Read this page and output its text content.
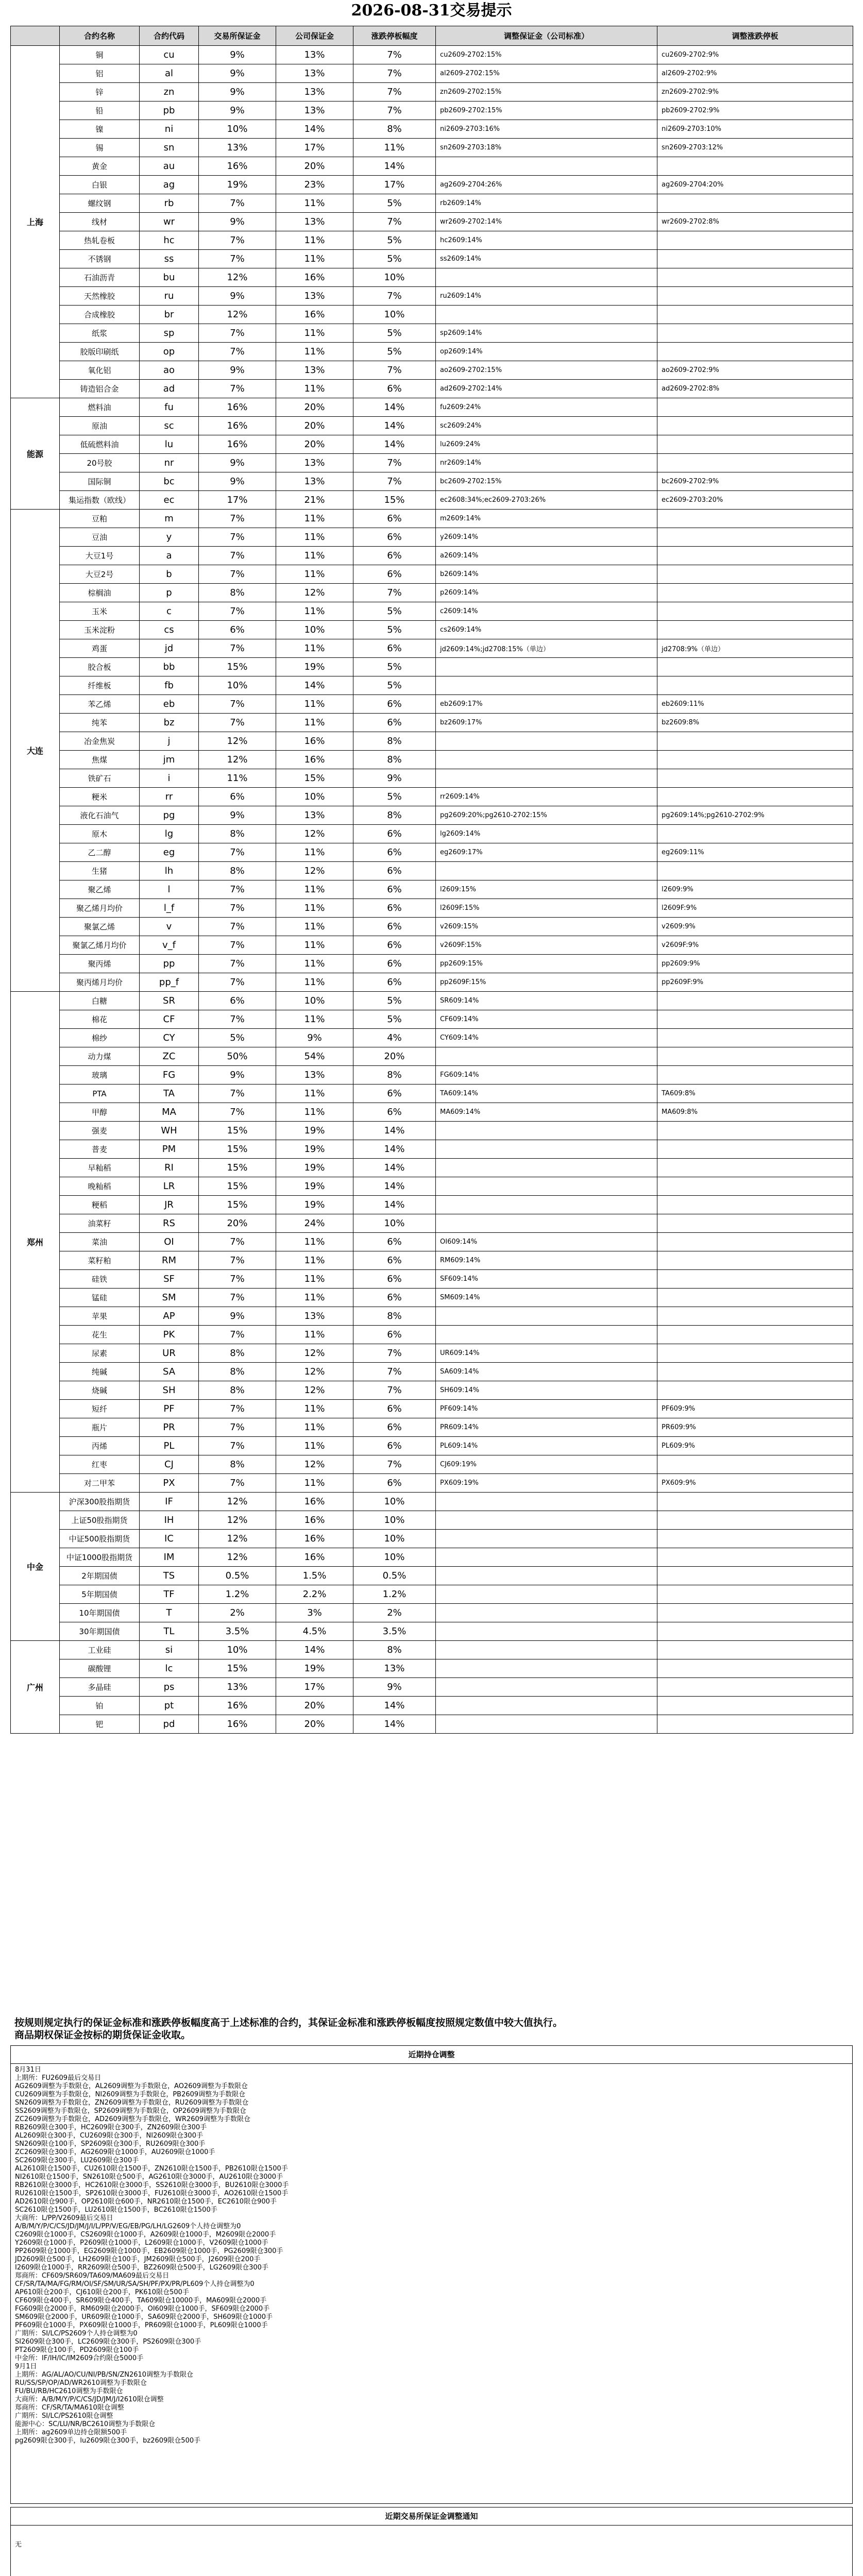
2026-08-31交易提示
	合约名称	合约代码	交易所保证金	公司保证金	涨跌停板幅度	调整保证金（公司标准）	调整涨跌停板
上海	铜	cu	9%	13%	7%	cu2609-2702:15%	cu2609-2702:9%
	铝	al	9%	13%	7%	al2609-2702:15%	al2609-2702:9%
	锌	zn	9%	13%	7%	zn2609-2702:15%	zn2609-2702:9%
	铅	pb	9%	13%	7%	pb2609-2702:15%	pb2609-2702:9%
	镍	ni	10%	14%	8%	ni2609-2703:16%	ni2609-2703:10%
	锡	sn	13%	17%	11%	sn2609-2703:18%	sn2609-2703:12%
	黄金	au	16%	20%	14%		
	白银	ag	19%	23%	17%	ag2609-2704:26%	ag2609-2704:20%
	螺纹钢	rb	7%	11%	5%	rb2609:14%	
	线材	wr	9%	13%	7%	wr2609-2702:14%	wr2609-2702:8%
	热轧卷板	hc	7%	11%	5%	hc2609:14%	
	不锈钢	ss	7%	11%	5%	ss2609:14%	
	石油沥青	bu	12%	16%	10%		
	天然橡胶	ru	9%	13%	7%	ru2609:14%	
	合成橡胶	br	12%	16%	10%		
	纸浆	sp	7%	11%	5%	sp2609:14%	
	胶版印刷纸	op	7%	11%	5%	op2609:14%	
	氧化铝	ao	9%	13%	7%	ao2609-2702:15%	ao2609-2702:9%
	铸造铝合金	ad	7%	11%	6%	ad2609-2702:14%	ad2609-2702:8%
能源	燃料油	fu	16%	20%	14%	fu2609:24%	
	原油	sc	16%	20%	14%	sc2609:24%	
	低硫燃料油	lu	16%	20%	14%	lu2609:24%	
	20号胶	nr	9%	13%	7%	nr2609:14%	
	国际铜	bc	9%	13%	7%	bc2609-2702:15%	bc2609-2702:9%
	集运指数（欧线）	ec	17%	21%	15%	ec2608:34%;ec2609-2703:26%	ec2609-2703:20%
大连	豆粕	m	7%	11%	6%	m2609:14%	
	豆油	y	7%	11%	6%	y2609:14%	
	大豆1号	a	7%	11%	6%	a2609:14%	
	大豆2号	b	7%	11%	6%	b2609:14%	
	棕榈油	p	8%	12%	7%	p2609:14%	
	玉米	c	7%	11%	5%	c2609:14%	
	玉米淀粉	cs	6%	10%	5%	cs2609:14%	
	鸡蛋	jd	7%	11%	6%	jd2609:14%;jd2708:15%（单边）	jd2708:9%（单边）
	胶合板	bb	15%	19%	5%		
	纤维板	fb	10%	14%	5%		
	苯乙烯	eb	7%	11%	6%	eb2609:17%	eb2609:11%
	纯苯	bz	7%	11%	6%	bz2609:17%	bz2609:8%
	冶金焦炭	j	12%	16%	8%		
	焦煤	jm	12%	16%	8%		
	铁矿石	i	11%	15%	9%		
	粳米	rr	6%	10%	5%	rr2609:14%	
	液化石油气	pg	9%	13%	8%	pg2609:20%;pg2610-2702:15%	pg2609:14%;pg2610-2702:9%
	原木	lg	8%	12%	6%	lg2609:14%	
	乙二醇	eg	7%	11%	6%	eg2609:17%	eg2609:11%
	生猪	lh	8%	12%	6%		
	聚乙烯	l	7%	11%	6%	l2609:15%	l2609:9%
	聚乙烯月均价	l_f	7%	11%	6%	l2609F:15%	l2609F:9%
	聚氯乙烯	v	7%	11%	6%	v2609:15%	v2609:9%
	聚氯乙烯月均价	v_f	7%	11%	6%	v2609F:15%	v2609F:9%
	聚丙烯	pp	7%	11%	6%	pp2609:15%	pp2609:9%
	聚丙烯月均价	pp_f	7%	11%	6%	pp2609F:15%	pp2609F:9%
郑州	白糖	SR	6%	10%	5%	SR609:14%	
	棉花	CF	7%	11%	5%	CF609:14%	
	棉纱	CY	5%	9%	4%	CY609:14%	
	动力煤	ZC	50%	54%	20%		
	玻璃	FG	9%	13%	8%	FG609:14%	
	PTA	TA	7%	11%	6%	TA609:14%	TA609:8%
	甲醇	MA	7%	11%	6%	MA609:14%	MA609:8%
	强麦	WH	15%	19%	14%		
	普麦	PM	15%	19%	14%		
	早籼稻	RI	15%	19%	14%		
	晚籼稻	LR	15%	19%	14%		
	粳稻	JR	15%	19%	14%		
	油菜籽	RS	20%	24%	10%		
	菜油	OI	7%	11%	6%	OI609:14%	
	菜籽粕	RM	7%	11%	6%	RM609:14%	
	硅铁	SF	7%	11%	6%	SF609:14%	
	锰硅	SM	7%	11%	6%	SM609:14%	
	苹果	AP	9%	13%	8%		
	花生	PK	7%	11%	6%		
	尿素	UR	8%	12%	7%	UR609:14%	
	纯碱	SA	8%	12%	7%	SA609:14%	
	烧碱	SH	8%	12%	7%	SH609:14%	
	短纤	PF	7%	11%	6%	PF609:14%	PF609:9%
	瓶片	PR	7%	11%	6%	PR609:14%	PR609:9%
	丙烯	PL	7%	11%	6%	PL609:14%	PL609:9%
	红枣	CJ	8%	12%	7%	CJ609:19%	
	对二甲苯	PX	7%	11%	6%	PX609:19%	PX609:9%
中金	沪深300股指期货	IF	12%	16%	10%		
	上证50股指期货	IH	12%	16%	10%		
	中证500股指期货	IC	12%	16%	10%		
	中证1000股指期货	IM	12%	16%	10%		
	2年期国债	TS	0.5%	1.5%	0.5%		
	5年期国债	TF	1.2%	2.2%	1.2%		
	10年期国债	T	2%	3%	2%		
	30年期国债	TL	3.5%	4.5%	3.5%		
广州	工业硅	si	10%	14%	8%		
	碳酸锂	lc	15%	19%	13%		
	多晶硅	ps	13%	17%	9%		
	铂	pt	16%	20%	14%		
	钯	pd	16%	20%	14%		
按规则规定执行的保证金标准和涨跌停板幅度高于上述标准的合约，其保证金标准和涨跌停板幅度按照规定数值中较大值执行。
商品期权保证金按标的期货保证金收取。
近期持仓调整
8月31日
上期所：FU2609最后交易日
AG2609调整为手数限仓，AL2609调整为手数限仓，AO2609调整为手数限仓
CU2609调整为手数限仓，NI2609调整为手数限仓，PB2609调整为手数限仓
SN2609调整为手数限仓，ZN2609调整为手数限仓，RU2609调整为手数限仓
SS2609调整为手数限仓，SP2609调整为手数限仓，OP2609调整为手数限仓
ZC2609调整为手数限仓，AD2609调整为手数限仓，WR2609调整为手数限仓
RB2609限仓300手，HC2609限仓300手，ZN2609限仓300手
AL2609限仓300手，CU2609限仓300手，NI2609限仓300手
SN2609限仓100手，SP2609限仓300手，RU2609限仓300手
ZC2609限仓300手，AG2609限仓1000手，AU2609限仓1000手
SC2609限仓300手，LU2609限仓300手
AL2610限仓1500手，CU2610限仓1500手，ZN2610限仓1500手，PB2610限仓1500手
NI2610限仓1500手，SN2610限仓500手，AG2610限仓3000手，AU2610限仓3000手
RB2610限仓3000手，HC2610限仓3000手，SS2610限仓3000手，BU2610限仓3000手
RU2610限仓1500手，SP2610限仓3000手，FU2610限仓3000手，AO2610限仓1500手
AD2610限仓900手，OP2610限仓600手，NR2610限仓1500手，EC2610限仓900手
SC2610限仓1500手，LU2610限仓1500手，BC2610限仓1500手
大商所：L/PP/V2609最后交易日
A/B/M/Y/P/C/CS/JD/JM/J/I/L/PP/V/EG/EB/PG/LH/LG2609个人持仓调整为0
C2609限仓1000手，CS2609限仓1000手，A2609限仓1000手，M2609限仓2000手
Y2609限仓1000手，P2609限仓1000手，L2609限仓1000手，V2609限仓1000手
PP2609限仓1000手，EG2609限仓1000手，EB2609限仓1000手，PG2609限仓300手
JD2609限仓500手，LH2609限仓100手，JM2609限仓500手，J2609限仓200手
I2609限仓1000手，RR2609限仓500手，BZ2609限仓500手，LG2609限仓300手
郑商所：CF609/SR609/TA609/MA609最后交易日
CF/SR/TA/MA/FG/RM/OI/SF/SM/UR/SA/SH/PF/PX/PR/PL609个人持仓调整为0
AP610限仓200手，CJ610限仓200手，PK610限仓500手
CF609限仓400手，SR609限仓400手，TA609限仓10000手，MA609限仓2000手
FG609限仓2000手，RM609限仓2000手，OI609限仓1000手，SF609限仓2000手
SM609限仓2000手，UR609限仓1000手，SA609限仓2000手，SH609限仓1000手
PF609限仓1000手，PX609限仓1000手，PR609限仓1000手，PL609限仓1000手
广期所：SI/LC/PS2609个人持仓调整为0
SI2609限仓300手，LC2609限仓300手，PS2609限仓300手
PT2609限仓100手，PD2609限仓100手
中金所：IF/IH/IC/IM2609合约限仓5000手
9月1日
上期所：AG/AL/AO/CU/NI/PB/SN/ZN2610调整为手数限仓
RU/SS/SP/OP/AD/WR2610调整为手数限仓
FU/BU/RB/HC2610调整为手数限仓
大商所：A/B/M/Y/P/C/CS/JD/JM/J/I2610限仓调整
郑商所：CF/SR/TA/MA610限仓调整
广期所：SI/LC/PS2610限仓调整
能源中心：SC/LU/NR/BC2610调整为手数限仓
上期所：ag2609单边持仓限额500手
pg2609限仓300手，lu2609限仓300手，bz2609限仓500手
近期交易所保证金调整通知
无
